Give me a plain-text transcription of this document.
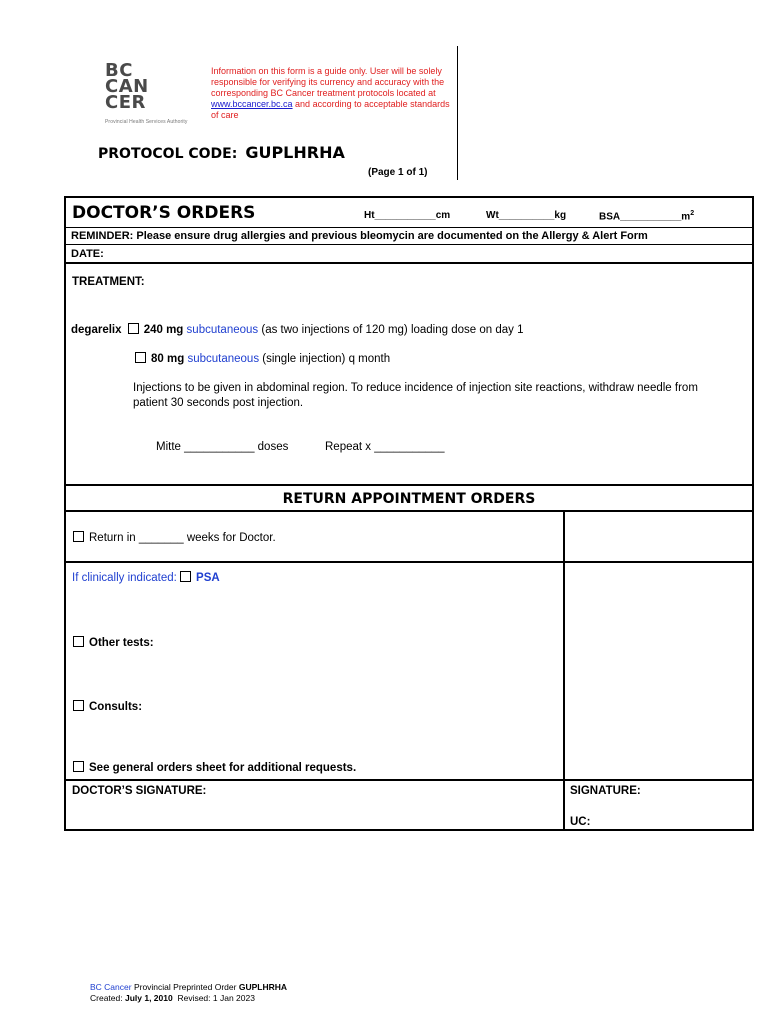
BC
CAN
CER
Provincial Health Services Authority
Information on this form is a guide only. User will be solely responsible for verifying its currency and accuracy with the corresponding BC Cancer treatment protocols located at www.bccancer.bc.ca and according to acceptable standards of care
PROTOCOL CODE: GUPLHRHA
(Page 1 of 1)
DOCTOR’S ORDERS	Ht___________cm	Wt__________kg	$BSA\_\_\_\_\_\_\_\_\_\_\_m^2$
REMINDER: Please ensure drug allergies and previous bleomycin are documented on the Allergy & Alert Form
DATE:
TREATMENT:
degarelix 240 mg subcutaneous (as two injections of 120 mg) loading dose on day 1
80 mg subcutaneous (single injection) q month
Injections to be given in abdominal region. To reduce incidence of injection site reactions, withdraw needle from patient 30 seconds post injection.
Mitte ___________ doses	Repeat x ___________
RETURN APPOINTMENT ORDERS
Return in _______ weeks for Doctor.
If clinically indicated: PSA
Other tests:
Consults:
See general orders sheet for additional requests.
DOCTOR’S SIGNATURE:	SIGNATURE:
UC:
BC Cancer Provincial Preprinted Order GUPLHRHA
Created: July 1, 2010 Revised: 1 Jan 2023
